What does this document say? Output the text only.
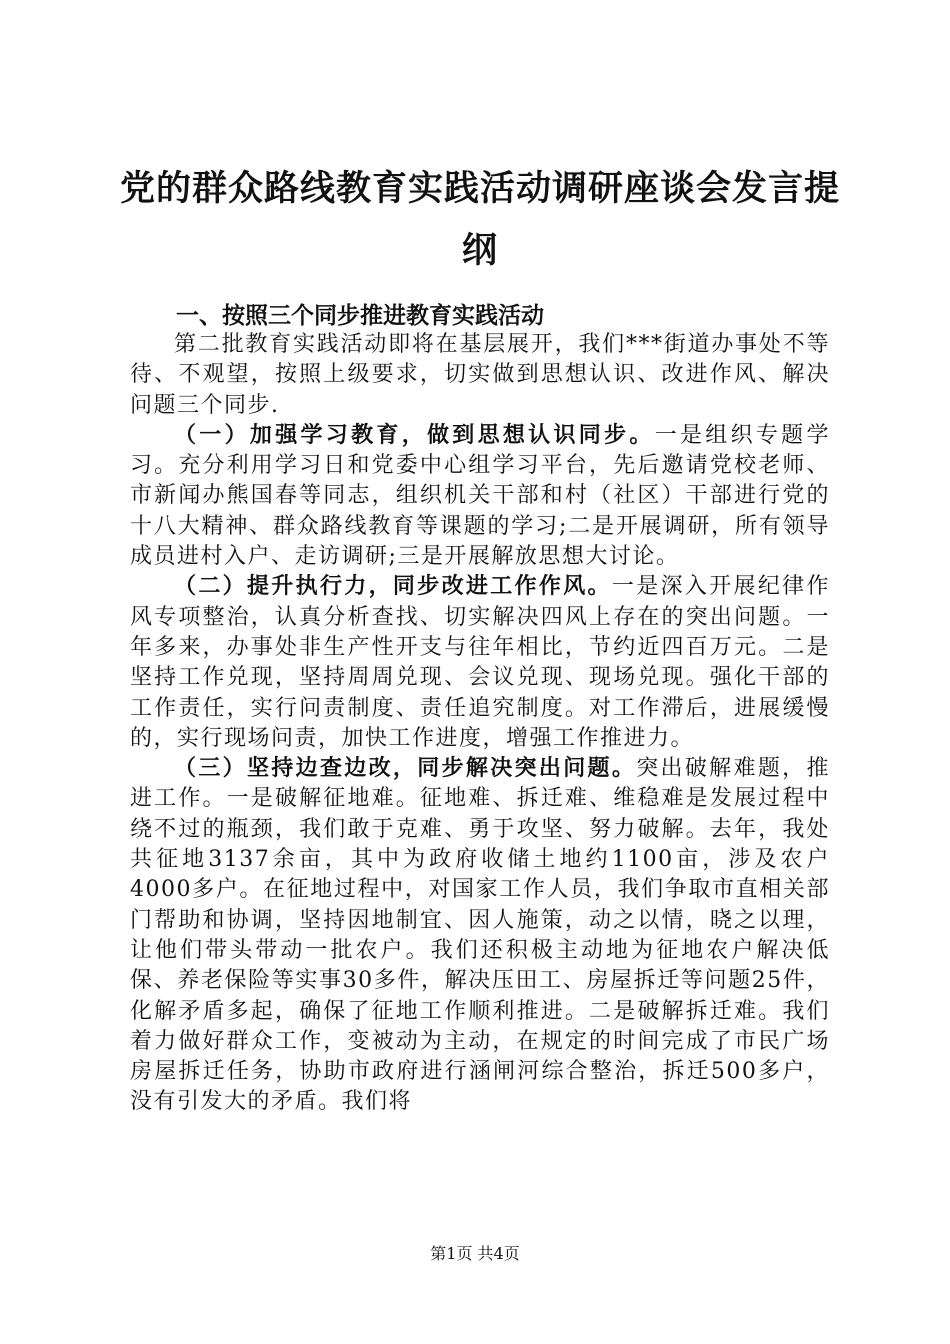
党的群众路线教育实践活动调研座谈会发言提纲
一、按照三个同步推进教育实践活动

第二批教育实践活动即将在基层展开，我们***街道办事处不等待、不观望，按照上级要求，切实做到思想认识、改进作风、解决问题三个同步.

（一）加强学习教育，做到思想认识同步。一是组织专题学习。充分利用学习日和党委中心组学习平台，先后邀请党校老师、市新闻办熊国春等同志，组织机关干部和村（社区）干部进行党的十八大精神、群众路线教育等课题的学习;二是开展调研，所有领导成员进村入户、走访调研;三是开展解放思想大讨论。

（二）提升执行力，同步改进工作作风。一是深入开展纪律作风专项整治，认真分析查找、切实解决四风上存在的突出问题。一年多来，办事处非生产性开支与往年相比，节约近四百万元。二是坚持工作兑现，坚持周周兑现、会议兑现、现场兑现。强化干部的工作责任，实行问责制度、责任追究制度。对工作滞后，进展缓慢的，实行现场问责，加快工作进度，增强工作推进力。

（三）坚持边查边改，同步解决突出问题。突出破解难题，推进工作。一是破解征地难。征地难、拆迁难、维稳难是发展过程中绕不过的瓶颈，我们敢于克难、勇于攻坚、努力破解。去年，我处共征地3137余亩，其中为政府收储土地约1100亩，涉及农户4000多户。在征地过程中，对国家工作人员，我们争取市直相关部门帮助和协调，坚持因地制宜、因人施策，动之以情，晓之以理，让他们带头带动一批农户。我们还积极主动地为征地农户解决低保、养老保险等实事30多件，解决压田工、房屋拆迁等问题25件，化解矛盾多起，确保了征地工作顺利推进。二是破解拆迁难。我们着力做好群众工作，变被动为主动，在规定的时间完成了市民广场房屋拆迁任务，协助市政府进行涵闸河综合整治，拆迁500多户，没有引发大的矛盾。我们将

第1页 共4页
